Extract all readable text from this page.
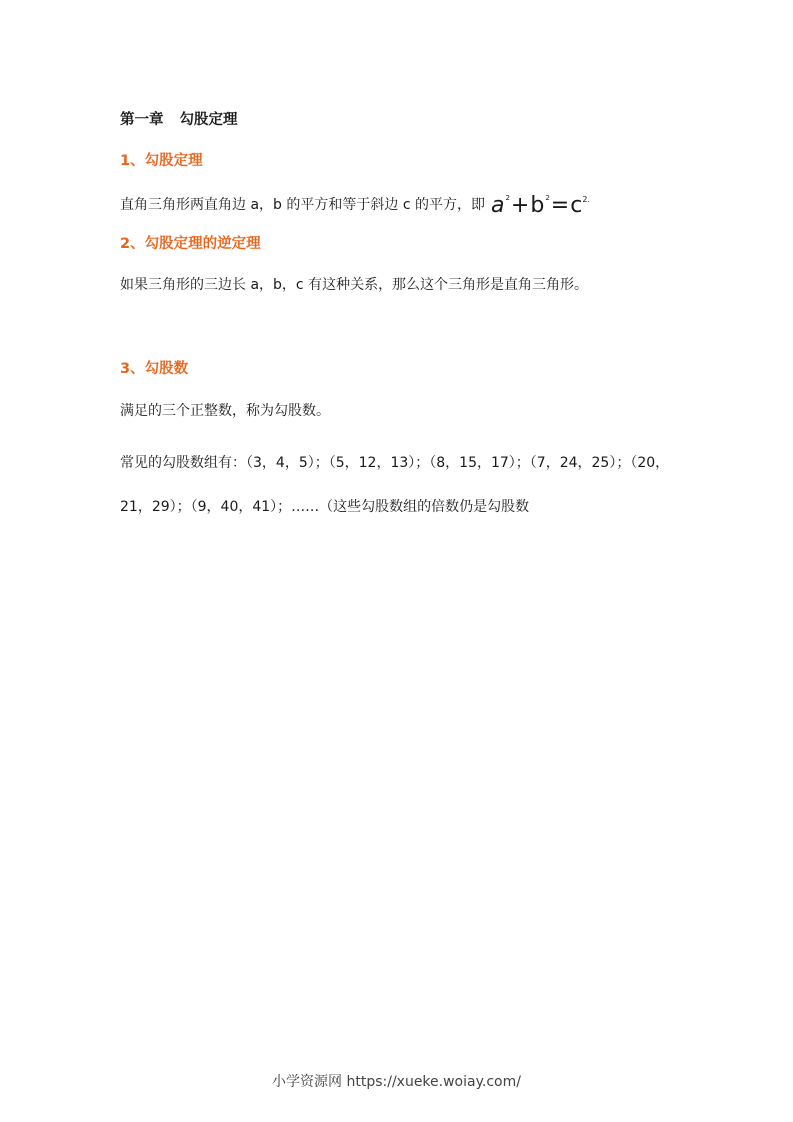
第一章 勾股定理
1、勾股定理
直角三角形两直角边 a，b 的平方和等于斜边 c 的平方，即 $a^2+b^2=c^{2.}$
2、勾股定理的逆定理
如果三角形的三边长 a，b，c 有这种关系，那么这个三角形是直角三角形。
3、勾股数
满足的三个正整数，称为勾股数。
常见的勾股数组有：（3，4，5）；（5，12，13）；（8，15，17）；（7，24，25）；（20，21，29）；（9，40，41）；……（这些勾股数组的倍数仍是勾股数
小学资源网 https://xueke.woiay.com/
